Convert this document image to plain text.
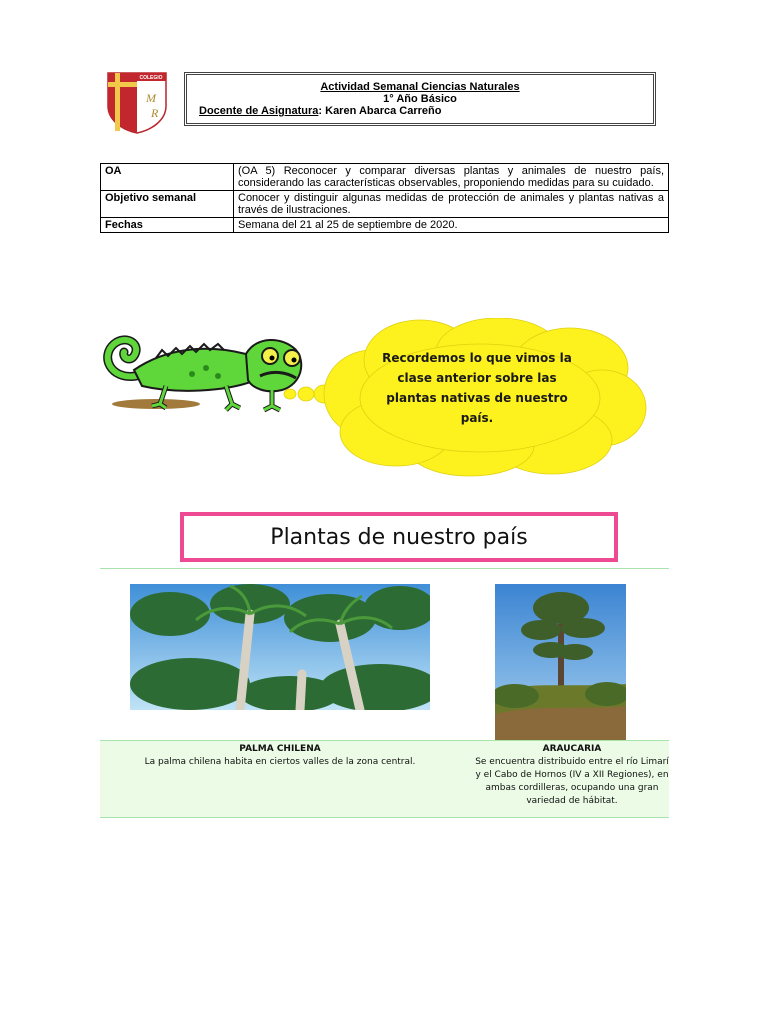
COLEGIO
M
R
Actividad Semanal Ciencias Naturales
1° Año Básico
Docente de Asignatura: Karen Abarca Carreño
OA	(OA 5) Reconocer y comparar diversas plantas y animales de nuestro país, considerando las características observables, proponiendo medidas para su cuidado.
Objetivo semanal	Conocer y distinguir algunas medidas de protección de animales y plantas nativas a través de ilustraciones.
Fechas	Semana del 21 al 25 de septiembre de 2020.
Recordemos lo que vimos la clase anterior sobre las plantas nativas de nuestro país.
Plantas de nuestro país
PALMA CHILENA
La palma chilena habita en ciertos valles de la zona central.
ARAUCARIA
Se encuentra distribuido entre el río Limarí y el Cabo de Hornos (IV a XII Regiones), en ambas cordilleras, ocupando una gran variedad de hábitat.
